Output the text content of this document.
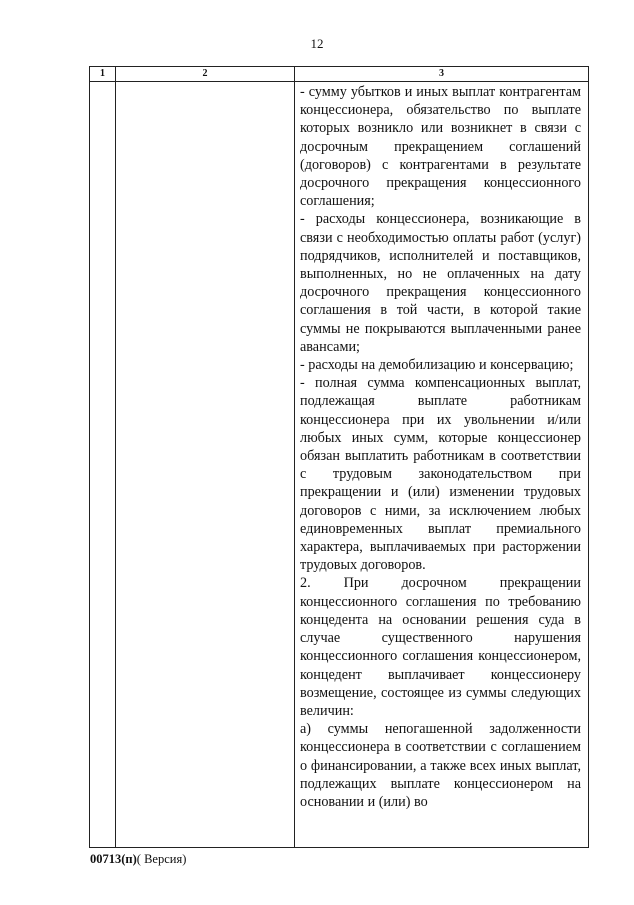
12
1	2	3

- сумму убытков и иных выплат контрагентам концессионера, обязательство по выплате которых возникло или возникнет в связи с досрочным прекращением соглашений (договоров) с контрагентами в результате досрочного прекращения концессионного соглашения;

- расходы концессионера, возникающие в связи с необходимостью оплаты работ (услуг) подрядчиков, исполнителей и поставщиков, выполненных, но не оплаченных на дату досрочного прекращения концессионного соглашения в той части, в которой такие суммы не покрываются выплаченными ранее авансами;

- расходы на демобилизацию и консервацию;

- полная сумма компенсационных выплат, подлежащая выплате работникам концессионера при их увольнении и/или любых иных сумм, которые концессионер обязан выплатить работникам в соответствии с трудовым законодательством при прекращении и (или) изменении трудовых договоров с ними, за исключением любых единовременных выплат премиального характера, выплачиваемых при расторжении трудовых договоров.

2. При досрочном прекращении концессионного соглашения по требованию концедента на основании решения суда в случае существенного нарушения концессионного соглашения концессионером, концедент выплачивает концессионеру возмещение, состоящее из суммы следующих величин:

а) суммы непогашенной задолженности концессионера в соответствии с соглашением о финансировании, а также всех иных выплат, подлежащих выплате концессионером на основании и (или) во

00713(п)( Версия)
